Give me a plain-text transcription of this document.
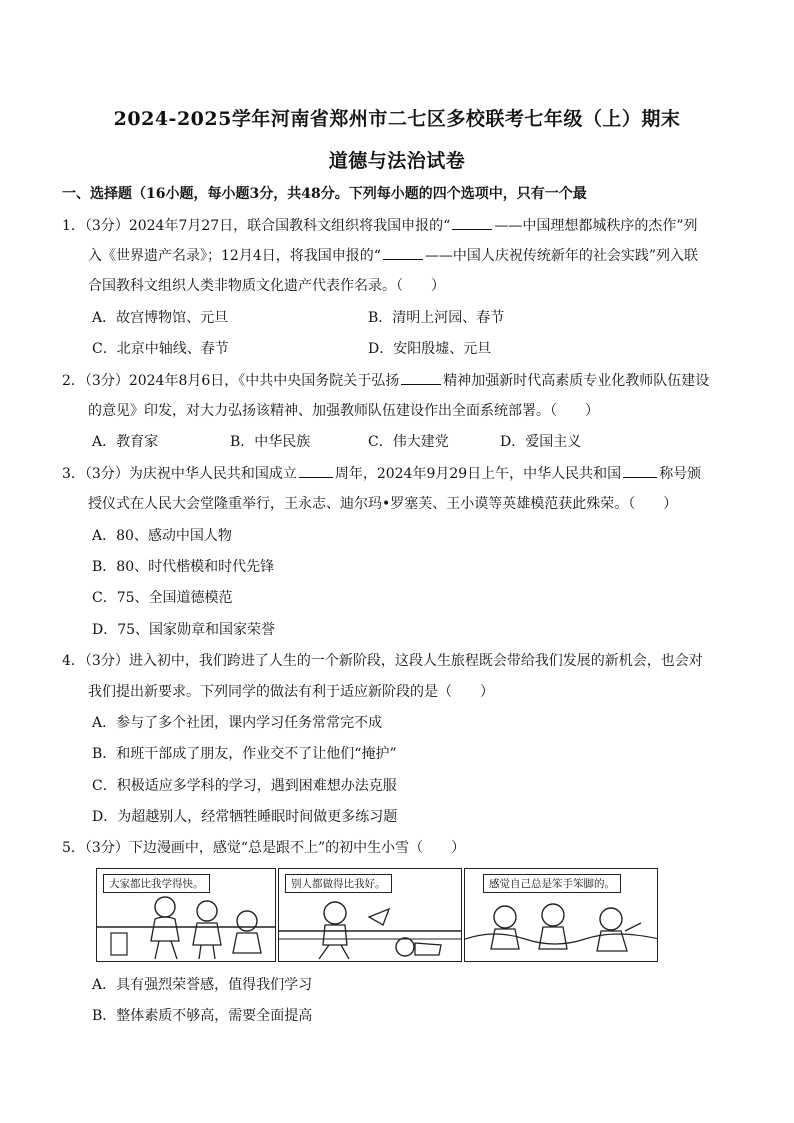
2024-2025学年河南省郑州市二七区多校联考七年级（上）期末
道德与法治试卷
一、选择题（16小题，每小题3分，共48分。下列每小题的四个选项中，只有一个最
1．（3分）2024年7月27日，联合国教科文组织将我国申报的“	——中国理想都城秩序的杰作”列
入《世界遗产名录》；12月4日，将我国申报的“	——中国人庆祝传统新年的社会实践”列入联
合国教科文组织人类非物质文化遗产代表作名录。（　　）
A．故宫博物馆、元旦	B．清明上河园、春节
C．北京中轴线、春节	D．安阳殷墟、元旦
2．（3分）2024年8月6日，《中共中央国务院关于弘扬	精神加强新时代高素质专业化教师队伍建设
的意见》印发，对大力弘扬该精神、加强教师队伍建设作出全面系统部署。（　　）
A．教育家	B．中华民族	C．伟大建党	D．爱国主义
3．（3分）为庆祝中华人民共和国成立	周年，2024年9月29日上午，中华人民共和国	称号颁
授仪式在人民大会堂隆重举行，王永志、迪尔玛•罗塞芙、王小谟等英雄模范获此殊荣。（　　）
A．80、感动中国人物
B．80、时代楷模和时代先锋
C．75、全国道德模范
D．75、国家勋章和国家荣誉
4．（3分）进入初中，我们跨进了人生的一个新阶段，这段人生旅程既会带给我们发展的新机会，也会对
我们提出新要求。下列同学的做法有利于适应新阶段的是（　　）
A．参与了多个社团，课内学习任务常常完不成
B．和班干部成了朋友，作业交不了让他们“掩护”
C．积极适应多学科的学习，遇到困难想办法克服
D．为超越别人，经常牺牲睡眠时间做更多练习题
5．（3分）下边漫画中，感觉“总是跟不上”的初中生小雪（　　）
大家都比我学得快。	别人都做得比我好。	感觉自己总是笨手笨脚的。
A．具有强烈荣誉感，值得我们学习
B．整体素质不够高，需要全面提高
